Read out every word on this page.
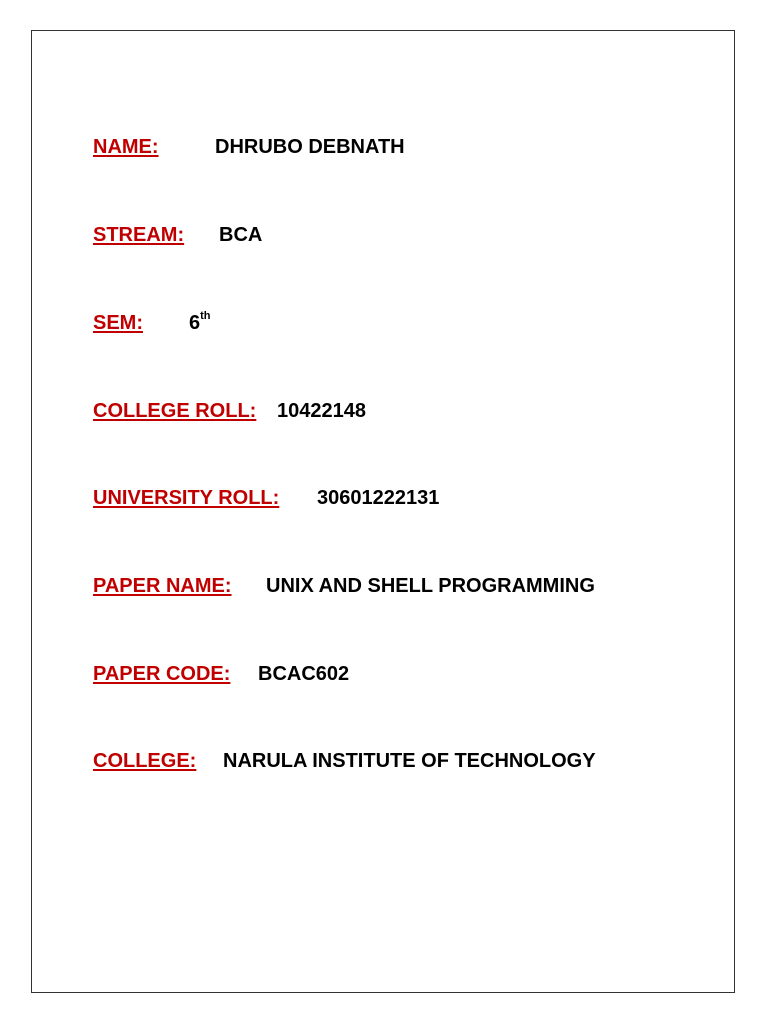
NAME:	DHRUBO DEBNATH
STREAM: BCA
SEM: 6th
COLLEGE ROLL: 10422148
UNIVERSITY ROLL: 30601222131
PAPER NAME: UNIX AND SHELL PROGRAMMING
PAPER CODE: BCAC602
COLLEGE: NARULA INSTITUTE OF TECHNOLOGY
